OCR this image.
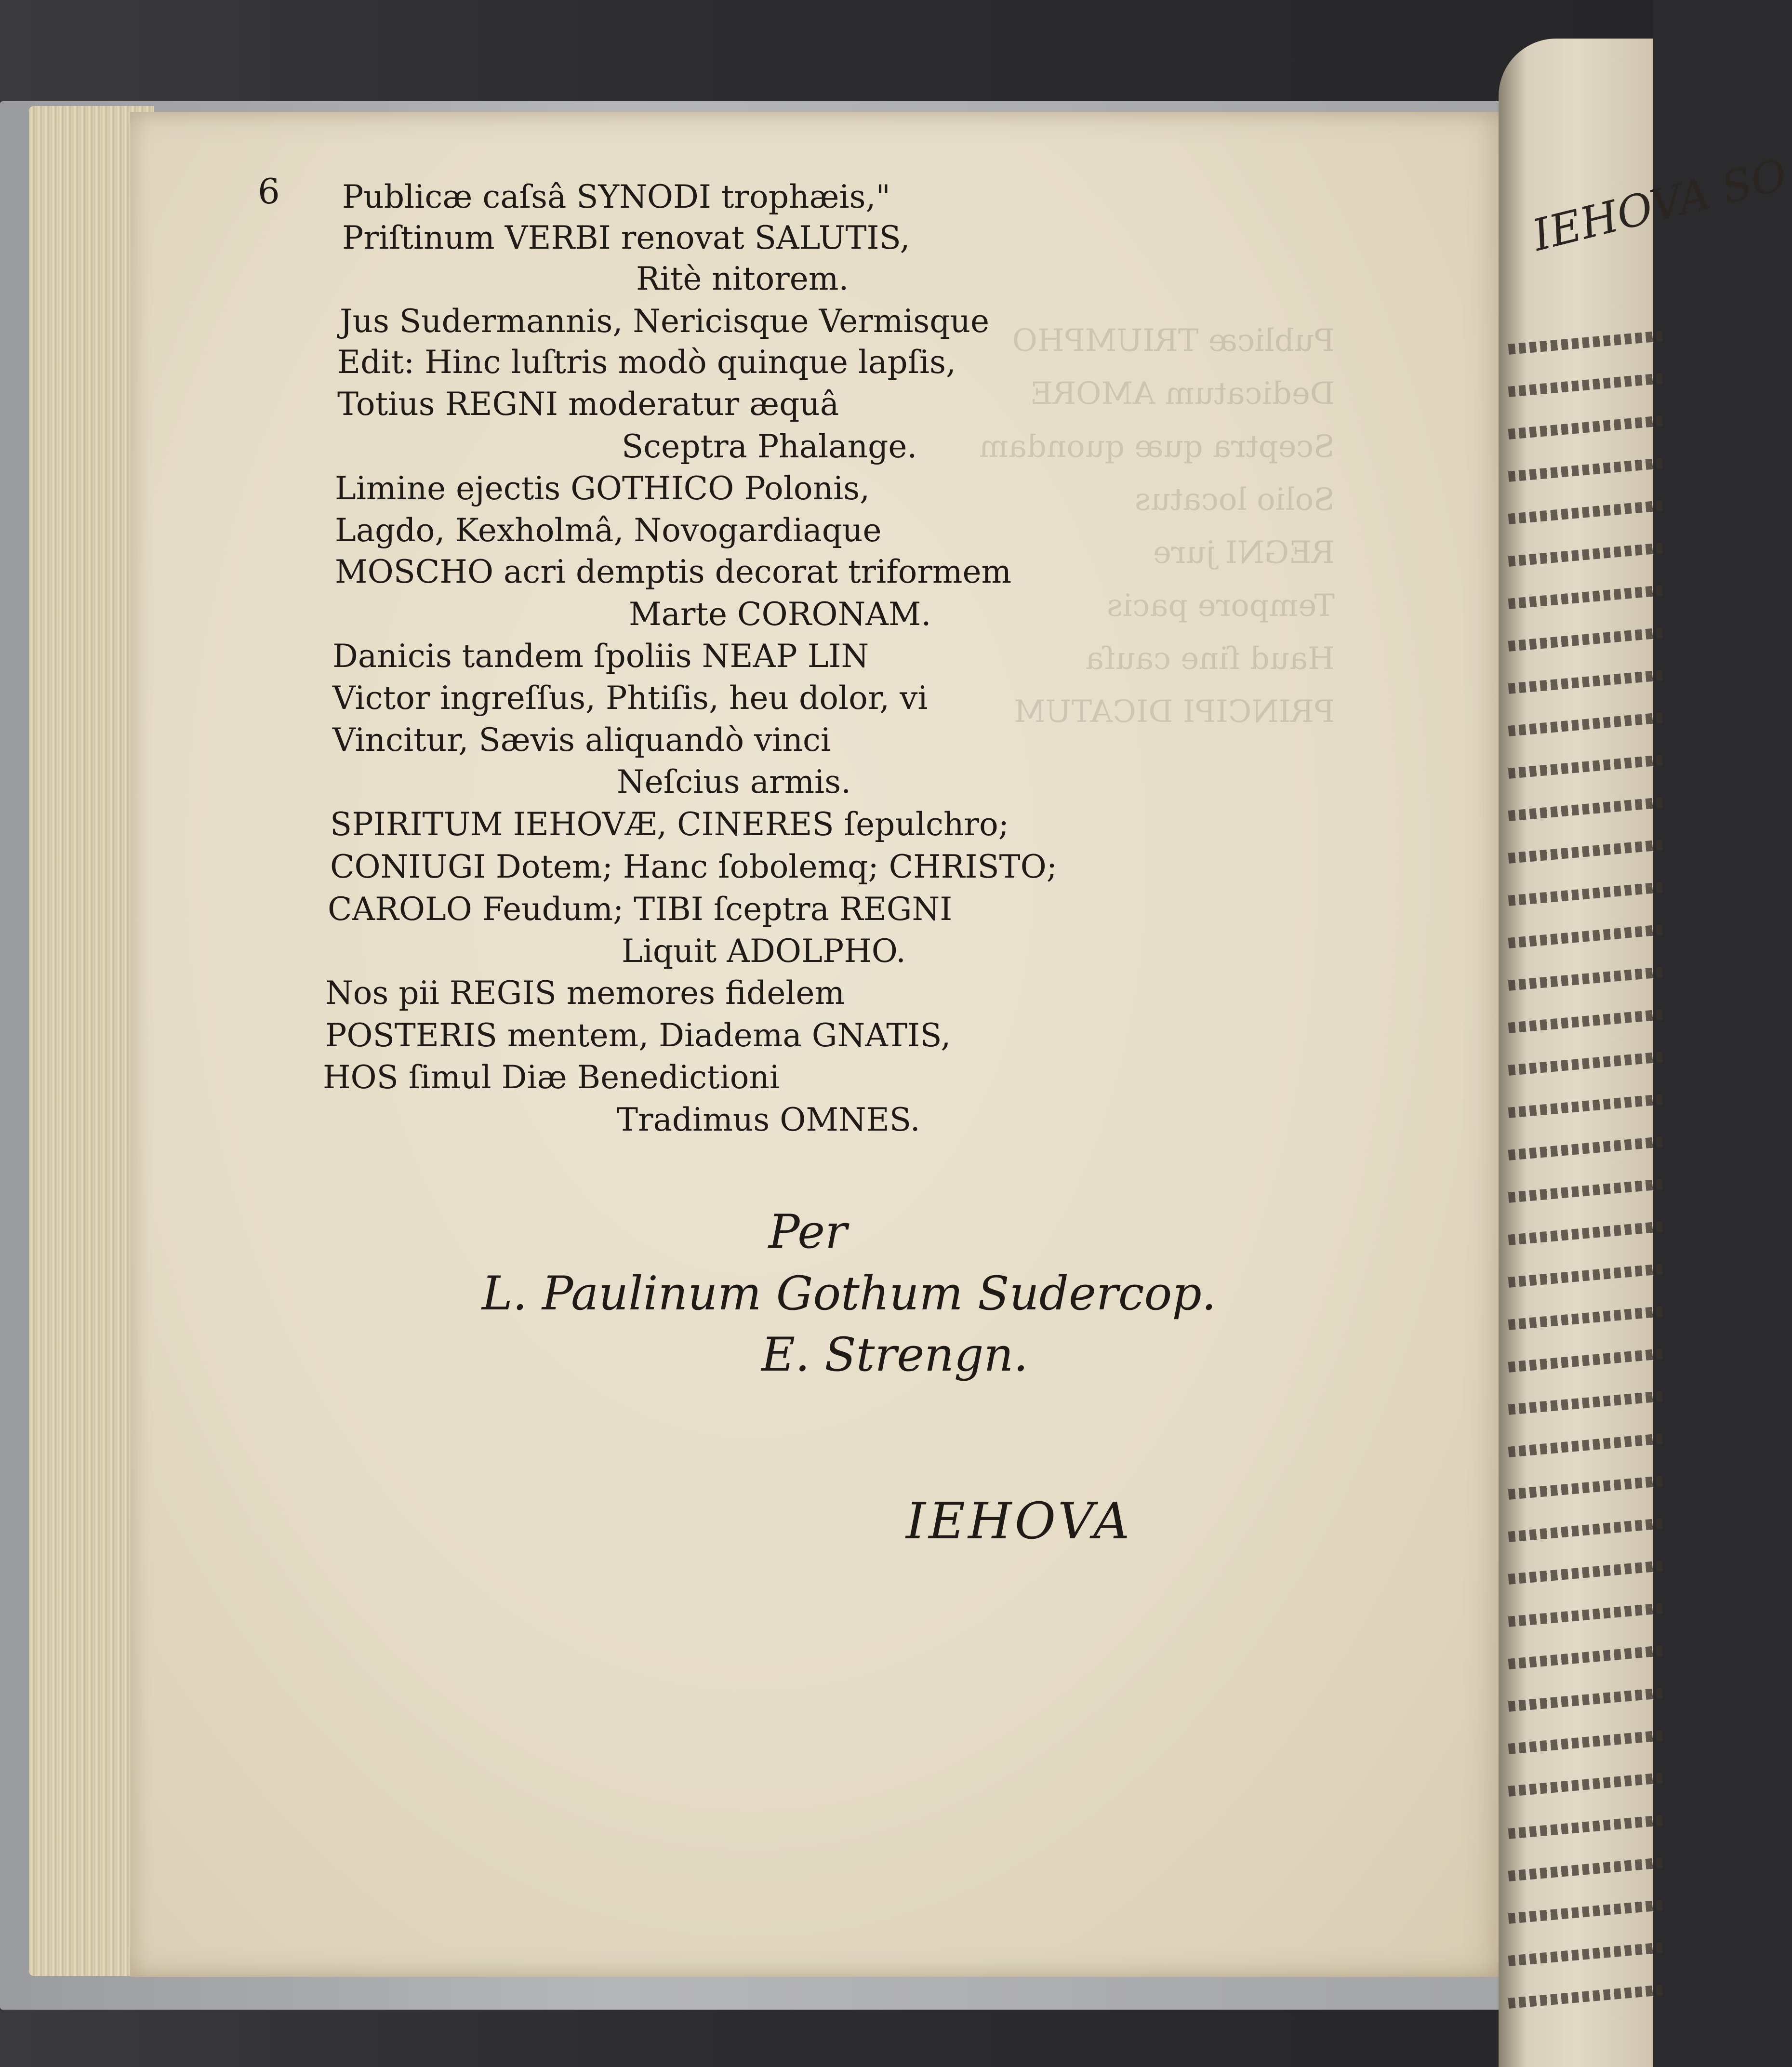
Publicæ TRIUMPHO
Dedicatum AMORE
Sceptra quæ quondam
Solio locatus
REGNI jure
Tempore pacis
Haud ſine cauſa
PRINCIPI DICATUM
IEHOVA SO
6 Publicæ caſsâ SYNODI trophæis,"
Priſtinum VERBI renovat SALUTIS,
Ritè nitorem.
Jus Sudermannis, Nericisque Vermisque
Edit: Hinc luſtris modò quinque lapſis,
Totius REGNI moderatur æquâ
Sceptra Phalange.
Limine ejectis GOTHICO Polonis,
Lagdo, Kexholmâ, Novogardiaque
MOSCHO acri demptis decorat triformem
Marte CORONAM.
Danicis tandem ſpoliis NEAP LIN
Victor ingreſſus, Phtiſis, heu dolor, vi
Vincitur, Sævis aliquandò vinci
Neſcius armis.
SPIRITUM IEHOVÆ, CINERES ſepulchro;
CONIUGI Dotem; Hanc ſobolemq; CHRISTO;
CAROLO Feudum; TIBI ſceptra REGNI
Liquit ADOLPHO.
Nos pii REGIS memores fidelem
POSTERIS mentem, Diadema GNATIS,
HOS ſimul Diæ Benedictioni
Tradimus OMNES.
Per
L. Paulinum Gothum Sudercop.
E. Strengn.
IEHOVA
